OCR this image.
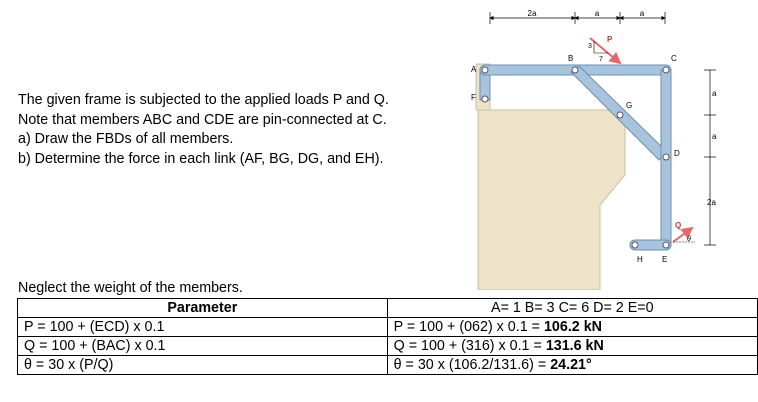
The given frame is subjected to the applied loads P and Q.

Note that members ABC and CDE are pin-connected at C.

a) Draw the FBDs of all members.

b) Determine the force in each link (AF, BG, DG, and EH).

Neglect the weight of the members.
Parameter	A= 1 B= 3 C= 6 D= 2 E=0
P = 100 + (ECD) x 0.1	P = 100 + (062) x 0.1 = 106.2 kN
Q = 100 + (BAC) x 0.1	Q = 100 + (316) x 0.1 = 131.6 kN
θ = 30 x (P/Q)	θ = 30 x (106.2/131.6) = 24.21°
2a	a	a
a
a
2a
A
F
B	C
G
D
H E
P
3
7
Q
θ
